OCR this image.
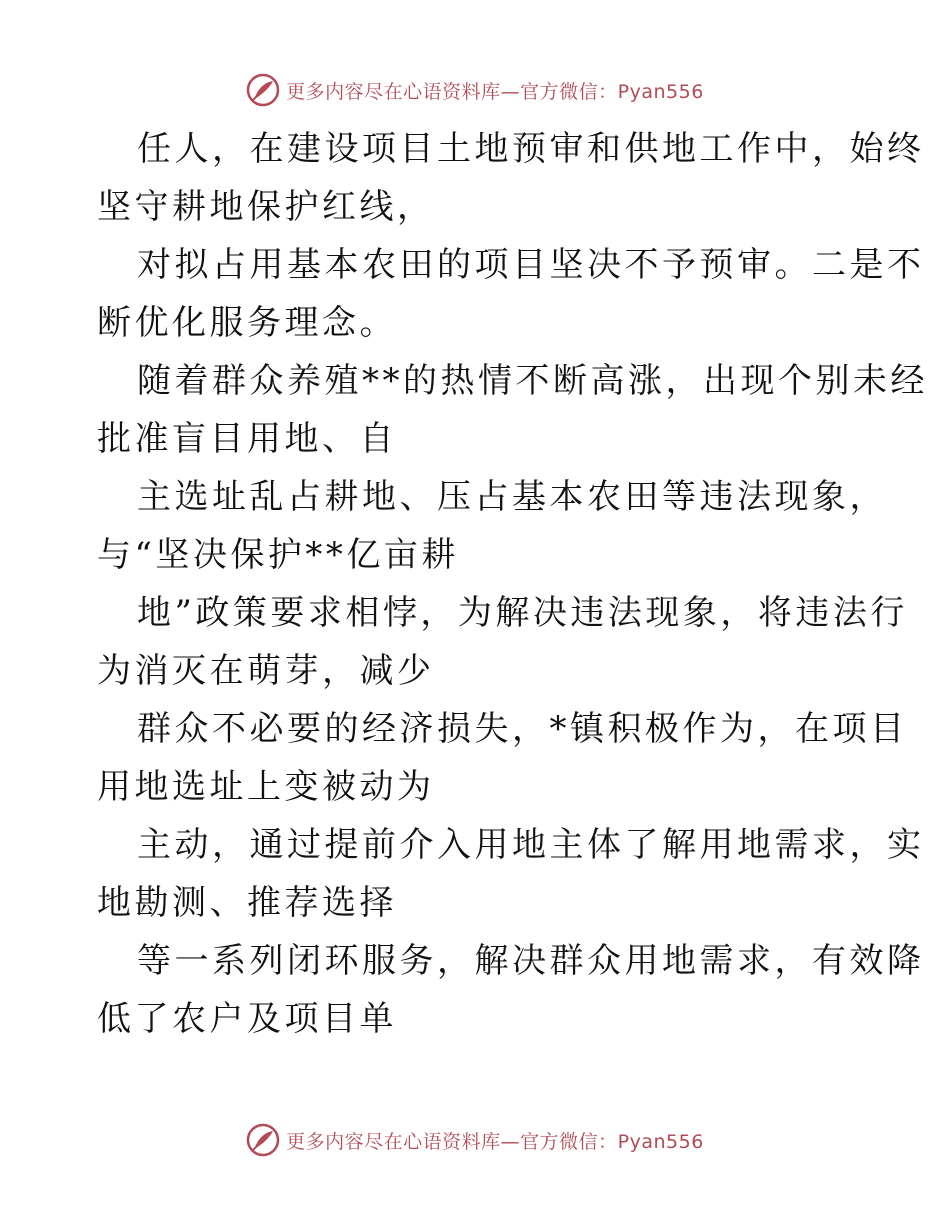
更多内容尽在心语资料库—官方微信：Pyan556
任人，在建设项目土地预审和供地工作中，始终
坚守耕地保护红线，
对拟占用基本农田的项目坚决不予预审。二是不
断优化服务理念。
随着群众养殖**的热情不断高涨，出现个别未经
批准盲目用地、自
主选址乱占耕地、压占基本农田等违法现象，
与“坚决保护**亿亩耕
地”政策要求相悖，为解决违法现象，将违法行
为消灭在萌芽，减少
群众不必要的经济损失，*镇积极作为，在项目
用地选址上变被动为
主动，通过提前介入用地主体了解用地需求，实
地勘测、推荐选择
等一系列闭环服务，解决群众用地需求，有效降
低了农户及项目单
更多内容尽在心语资料库—官方微信：Pyan556
